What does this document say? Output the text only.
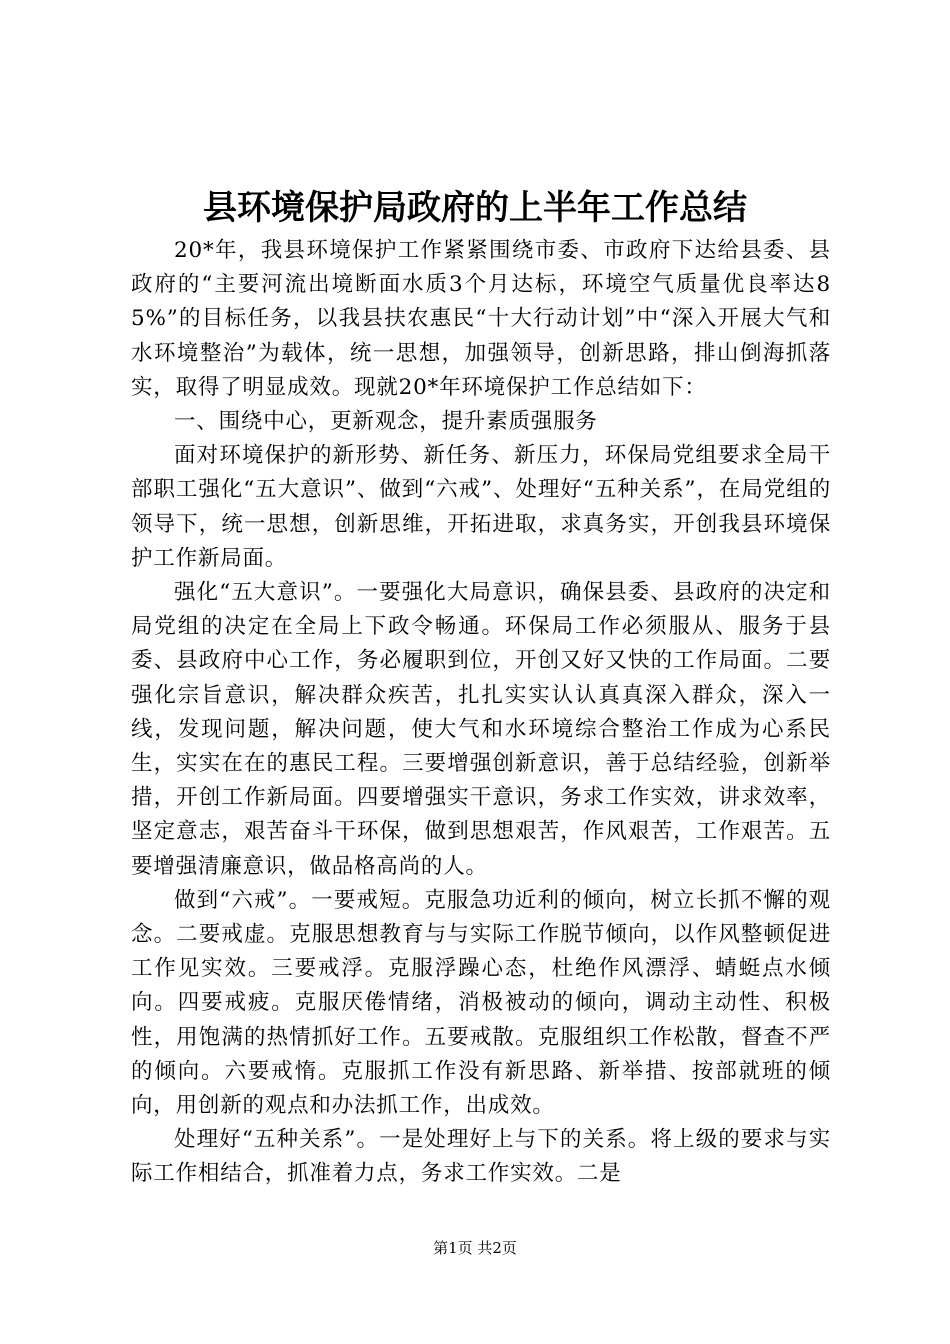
县环境保护局政府的上半年工作总结

20*年，我县环境保护工作紧紧围绕市委、市政府下达给县委、县政府的“主要河流出境断面水质3个月达标，环境空气质量优良率达85%”的目标任务，以我县扶农惠民“十大行动计划”中“深入开展大气和水环境整治”为载体，统一思想，加强领导，创新思路，排山倒海抓落实，取得了明显成效。现就20*年环境保护工作总结如下：

一、围绕中心，更新观念，提升素质强服务

面对环境保护的新形势、新任务、新压力，环保局党组要求全局干部职工强化“五大意识”、做到“六戒”、处理好“五种关系”，在局党组的领导下，统一思想，创新思维，开拓进取，求真务实，开创我县环境保护工作新局面。

强化“五大意识”。一要强化大局意识，确保县委、县政府的决定和局党组的决定在全局上下政令畅通。环保局工作必须服从、服务于县委、县政府中心工作，务必履职到位，开创又好又快的工作局面。二要强化宗旨意识，解决群众疾苦，扎扎实实认认真真深入群众，深入一线，发现问题，解决问题，使大气和水环境综合整治工作成为心系民生，实实在在的惠民工程。三要增强创新意识，善于总结经验，创新举措，开创工作新局面。四要增强实干意识，务求工作实效，讲求效率，坚定意志，艰苦奋斗干环保，做到思想艰苦，作风艰苦，工作艰苦。五要增强清廉意识，做品格高尚的人。

做到“六戒”。一要戒短。克服急功近利的倾向，树立长抓不懈的观念。二要戒虚。克服思想教育与与实际工作脱节倾向，以作风整顿促进工作见实效。三要戒浮。克服浮躁心态，杜绝作风漂浮、蜻蜓点水倾向。四要戒疲。克服厌倦情绪，消极被动的倾向，调动主动性、积极性，用饱满的热情抓好工作。五要戒散。克服组织工作松散，督查不严的倾向。六要戒惰。克服抓工作没有新思路、新举措、按部就班的倾向，用创新的观点和办法抓工作，出成效。

处理好“五种关系”。一是处理好上与下的关系。将上级的要求与实际工作相结合，抓准着力点，务求工作实效。二是

第1页 共2页
